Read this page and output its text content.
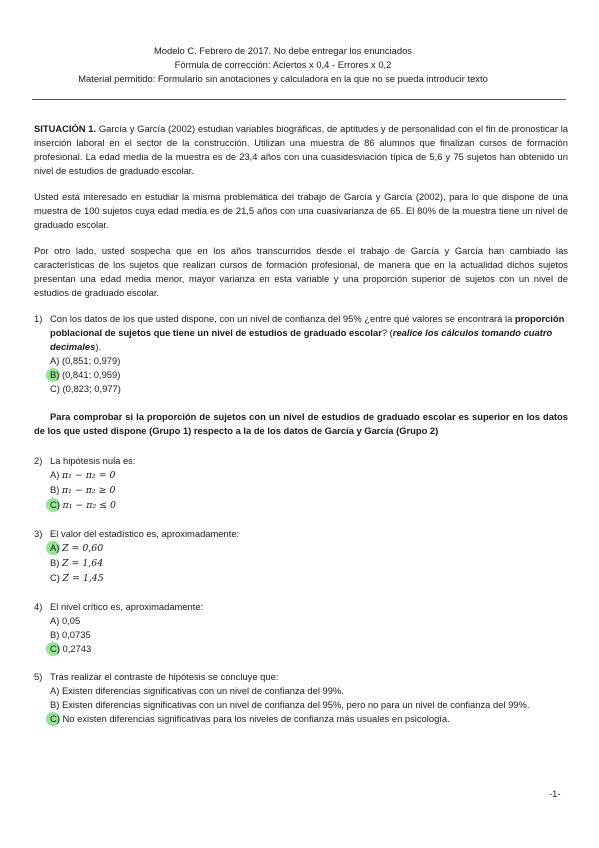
Modelo C. Febrero de 2017. No debe entregar los enunciados
Fórmula de corrección: Aciertos x 0,4 - Errores x 0,2
Material permitido: Formulario sin anotaciones y calculadora en la que no se pueda introducir texto

SITUACIÓN 1. García y García (2002) estudian variables biográficas, de aptitudes y de personalidad con el fin de pronosticar la inserción laboral en el sector de la construcción. Utilizan una muestra de 86 alumnos que finalizan cursos de formación profesional. La edad media de la muestra es de 23,4 años con una cuasidesviación típica de 5,6 y 75 sujetos han obtenido un nivel de estudios de graduado escolar.

Usted está interesado en estudiar la misma problemática del trabajo de García y García (2002), para lo que dispone de una muestra de 100 sujetos cuya edad media es de 21,5 años con una cuasivarianza de 65. El 80% de la muestra tiene un nivel de graduado escolar.

Por otro lado, usted sospecha que en los años transcurridos desde el trabajo de García y García han cambiado las características de los sujetos que realizan cursos de formación profesional, de manera que en la actualidad dichos sujetos presentan una edad media menor, mayor varianza en esta variable y una proporción superior de sujetos con un nivel de estudios de graduado escolar.

1) Con los datos de los que usted dispone, con un nivel de confianza del 95% ¿entre qué valores se encontrará la proporción poblacional de sujetos que tiene un nivel de estudios de graduado escolar? (realice los cálculos tomando cuatro decimales).
A) (0,851; 0,979)
B) (0,841; 0,959)
C) (0,823; 0,977)
Para comprobar si la proporción de sujetos con un nivel de estudios de graduado escolar es superior en los datos de los que usted dispone (Grupo 1) respecto a la de los datos de García y García (Grupo 2)
2) La hipótesis nula es:
A) π₁ − π₂ = 0
B) π₁ − π₂ ≥ 0
C) π₁ − π₂ ≤ 0
3) El valor del estadístico es, aproximadamente:
A) Z = 0,60
B) Z = 1,64
C) Z = 1,45
4) El nivel crítico es, aproximadamente:
A) 0,05
B) 0,0735
C) 0,2743
5) Tras realizar el contraste de hipótesis se concluye que:
A) Existen diferencias significativas con un nivel de confianza del 99%.
B) Existen diferencias significativas con un nivel de confianza del 95%, pero no para un nivel de confianza del 99%.
C) No existen diferencias significativas para los niveles de confianza más usuales en psicología.
-1-
